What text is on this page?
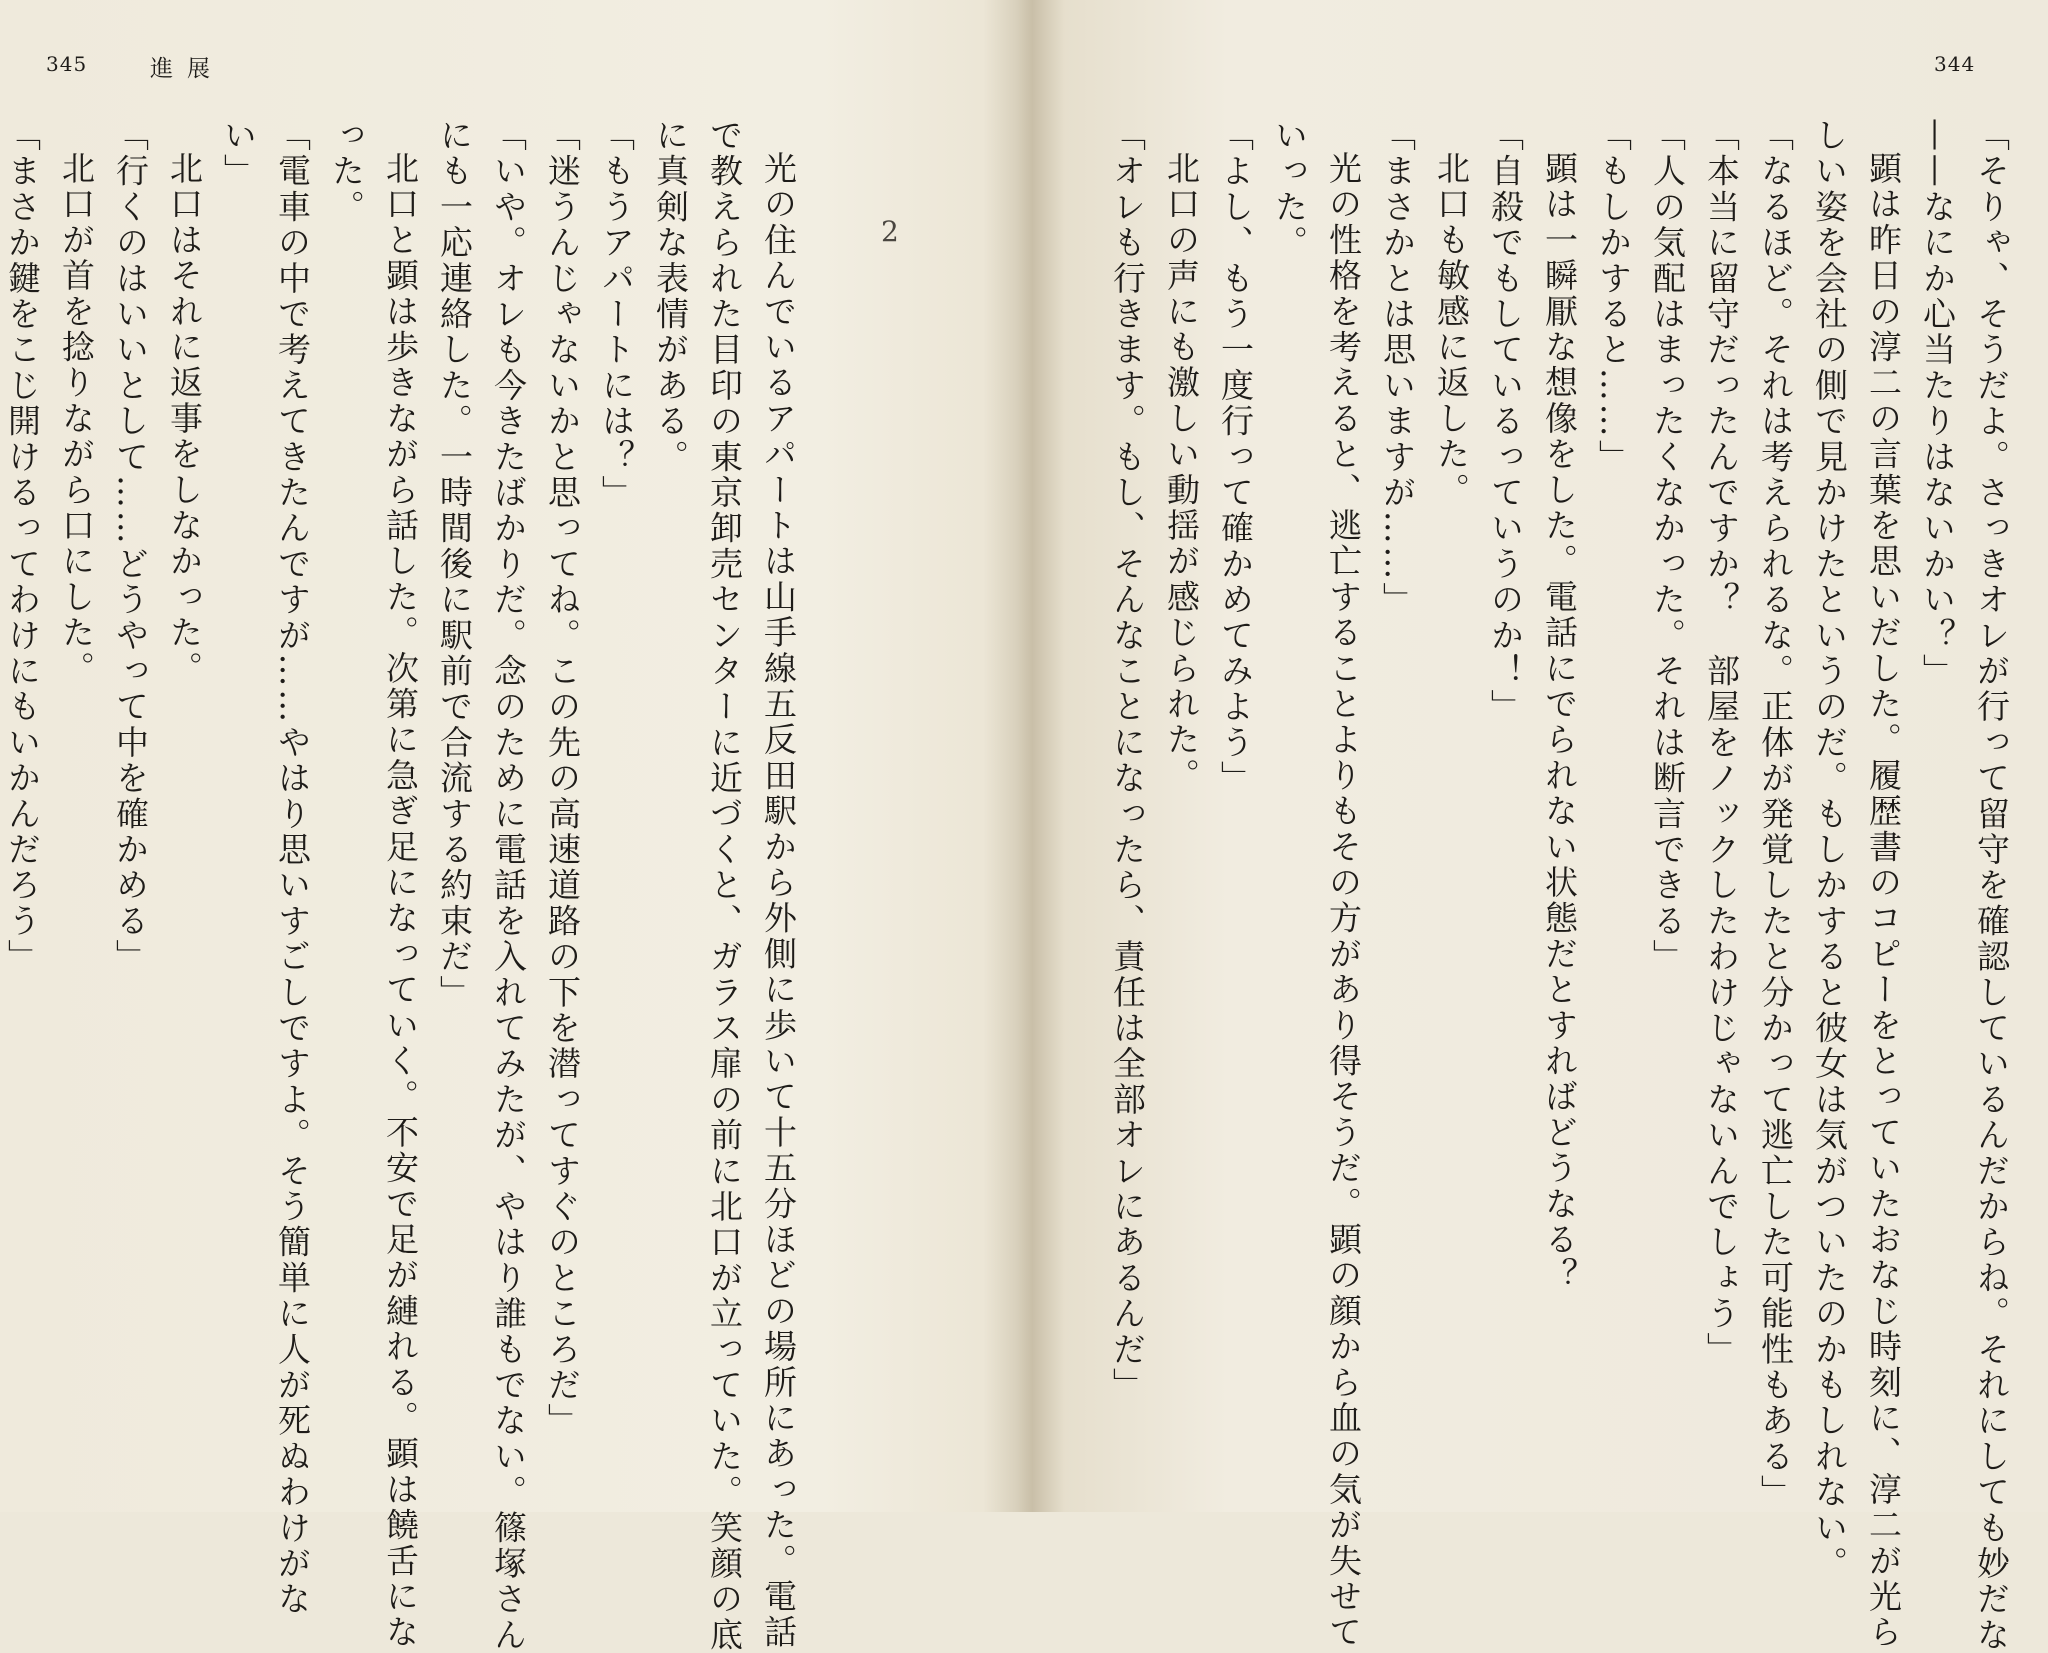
345	進展
2
光の住んでいるアパートは山手線五反田駅から外側に歩いて十五分ほどの場所にあった。電話
で教えられた目印の東京卸売センターに近づくと、ガラス扉の前に北口が立っていた。笑顔の底
に真剣な表情がある。
「もうアパートには？」
「迷うんじゃないかと思ってね。この先の高速道路の下を潜ってすぐのところだ」
「いや。オレも今きたばかりだ。念のために電話を入れてみたが、やはり誰もでない。篠塚さん
にも一応連絡した。一時間後に駅前で合流する約束だ」
北口と顕は歩きながら話した。次第に急ぎ足になっていく。不安で足が縺れる。顕は饒舌にな
った。
「電車の中で考えてきたんですが……やはり思いすごしですよ。そう簡単に人が死ぬわけがな
い」
北口はそれに返事をしなかった。
「行くのはいいとして……どうやって中を確かめる」
北口が首を捻りながら口にした。
「まさか鍵をこじ開けるってわけにもいかんだろう」
344
「そりゃ、そうだよ。さっきオレが行って留守を確認しているんだからね。それにしても妙だな
——なにか心当たりはないかい？」
顕は昨日の淳二の言葉を思いだした。履歴書のコピーをとっていたおなじ時刻に、淳二が光ら
しい姿を会社の側で見かけたというのだ。もしかすると彼女は気がついたのかもしれない。
「なるほど。それは考えられるな。正体が発覚したと分かって逃亡した可能性もある」
「本当に留守だったんですか？　部屋をノックしたわけじゃないんでしょう」
「人の気配はまったくなかった。それは断言できる」
「もしかすると……」
顕は一瞬厭な想像をした。電話にでられない状態だとすればどうなる？
「自殺でもしているっていうのか！」
北口も敏感に返した。
「まさかとは思いますが……」
光の性格を考えると、逃亡することよりもその方があり得そうだ。顕の顔から血の気が失せて
いった。
「よし、もう一度行って確かめてみよう」
北口の声にも激しい動揺が感じられた。
「オレも行きます。もし、そんなことになったら、責任は全部オレにあるんだ」
